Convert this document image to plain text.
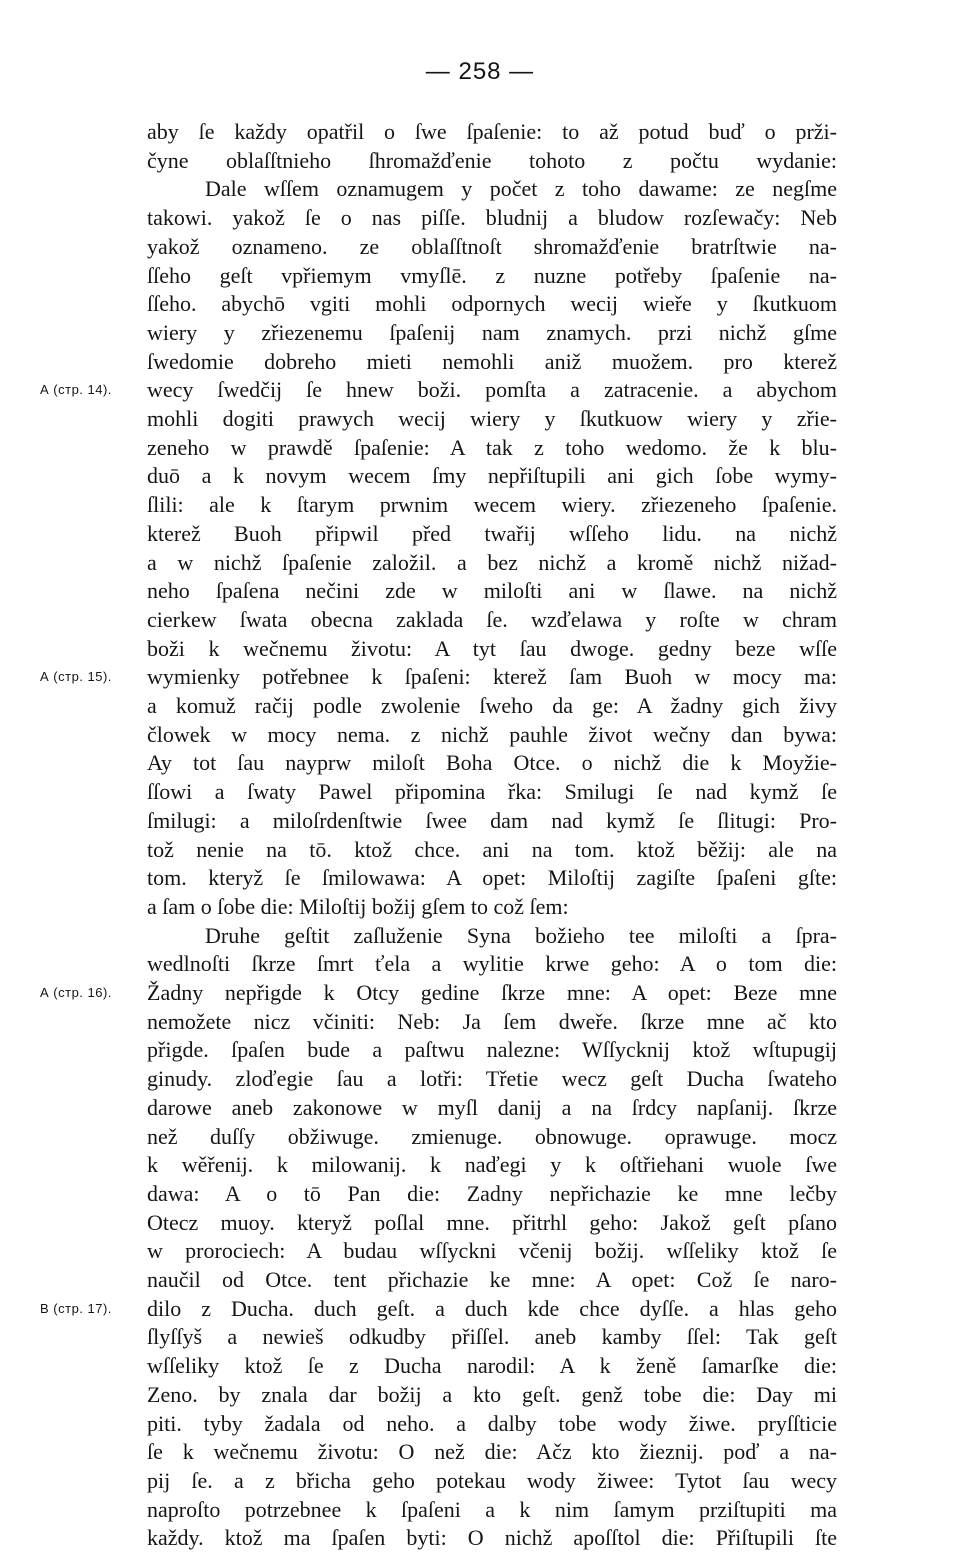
— 258 —
aby ſe každy opatřil o ſwe ſpaſenie: to až potud buď o prži-
čyne oblaſſtnieho ſhromažďenie tohoto z počtu wydanie:
Dale wſſem oznamugem y počet z toho dawame: ze negſme
takowi. yakož ſe o nas piſſe. bludnij a bludow rozſewačy: Neb
yakož oznameno. ze oblaſſtnoſt shromažďenie bratrſtwie na-
ſſeho geſt vpřiemym vmyſlē. z nuzne potřeby ſpaſenie na-
ſſeho. abychō vgiti mohli odpornych wecij wieře y ſkutkuom
wiery y zřiezenemu ſpaſenij nam znamych. przi nichž gſme
ſwedomie dobreho mieti nemohli aniž muožem. pro kterež
wecy ſwedčij ſe hnew boži. pomſta a zatracenie. a abychom
mohli dogiti prawych wecij wiery y ſkutkuow wiery y zřie-
zeneho w prawdě ſpaſenie: A tak z toho wedomo. že k blu-
duō a k novym wecem ſmy nepřiſtupili ani gich ſobe wymy-
ſlili: ale k ſtarym prwnim wecem wiery. zřiezeneho ſpaſenie.
kterež Buoh připwil před twařij wſſeho lidu. na nichž
a w nichž ſpaſenie založil. a bez nichž a kromě nichž nižad-
neho ſpaſena nečini zde w miloſti ani w ſlawe. na nichž
cierkew ſwata obecna zaklada ſe. wzďelawa y roſte w chram
boži k wečnemu životu: A tyt ſau dwoge. gedny beze wſſe
wymienky potřebnee k ſpaſeni: kterež ſam Buoh w mocy ma:
a komuž račij podle zwolenie ſweho da ge: A žadny gich živy
člowek w mocy nema. z nichž pauhle život wečny dan bywa:
Ay tot ſau nayprw miloſt Boha Otce. o nichž die k Moyžie-
ſſowi a ſwaty Pawel připomina řka: Smilugi ſe nad kymž ſe
ſmilugi: a miloſrdenſtwie ſwee dam nad kymž ſe ſlitugi: Pro-
tož nenie na tō. ktož chce. ani na tom. ktož běžij: ale na
tom. kteryž ſe ſmilowawa: A opet: Miloſtij zagiſte ſpaſeni gſte:
a ſam o ſobe die: Miloſtij božij gſem to což ſem:
Druhe geſtit zaſluženie Syna božieho tee miloſti a ſpra-
wedlnoſti ſkrze ſmrt ťela a wylitie krwe geho: A o tom die:
Žadny nepřigde k Otcy gedine ſkrze mne: A opet: Beze mne
nemožete nicz včiniti: Neb: Ja ſem dweře. ſkrze mne ač kto
přigde. ſpaſen bude a paſtwu nalezne: Wſſycknij ktož wſtupugij
ginudy. zloďegie ſau a lotři: Třetie wecz geſt Ducha ſwateho
darowe aneb zakonowe w myſl danij a na ſrdcy napſanij. ſkrze
než duſſy obžiwuge. zmienuge. obnowuge. oprawuge. mocz
k wěřenij. k milowanij. k naďegi y k oſtřiehani wuole ſwe
dawa: A o tō Pan die: Zadny nepřichazie ke mne lečby
Otecz muoy. kteryž poſlal mne. přitrhl geho: Jakož geſt pſano
w prorociech: A budau wſſyckni včenij božij. wſſeliky ktož ſe
naučil od Otce. tent přichazie ke mne: A opet: Což ſe naro-
dilo z Ducha. duch geſt. a duch kde chce dyſſe. a hlas geho
ſlyſſyš a newieš odkudby přiſſel. aneb kamby ſſel: Tak geſt
wſſeliky ktož ſe z Ducha narodil: A k ženě ſamarſke die:
Zeno. by znala dar božij a kto geſt. genž tobe die: Day mi
piti. tyby žadala od neho. a dalby tobe wody žiwe. pryſſticie
ſe k wečnemu životu: O než die: Ačz kto žieznij. poď a na-
pij ſe. a z břicha geho potekau wody žiwee: Tytot ſau wecy
naproſto potrzebnee k ſpaſeni a k nim ſamym prziſtupiti ma
každy. ktož ma ſpaſen byti: O nichž apoſſtol die: Přiſtupili ſte
А (стр. 14).
А (стр. 15).
А (стр. 16).
В (стр. 17).
